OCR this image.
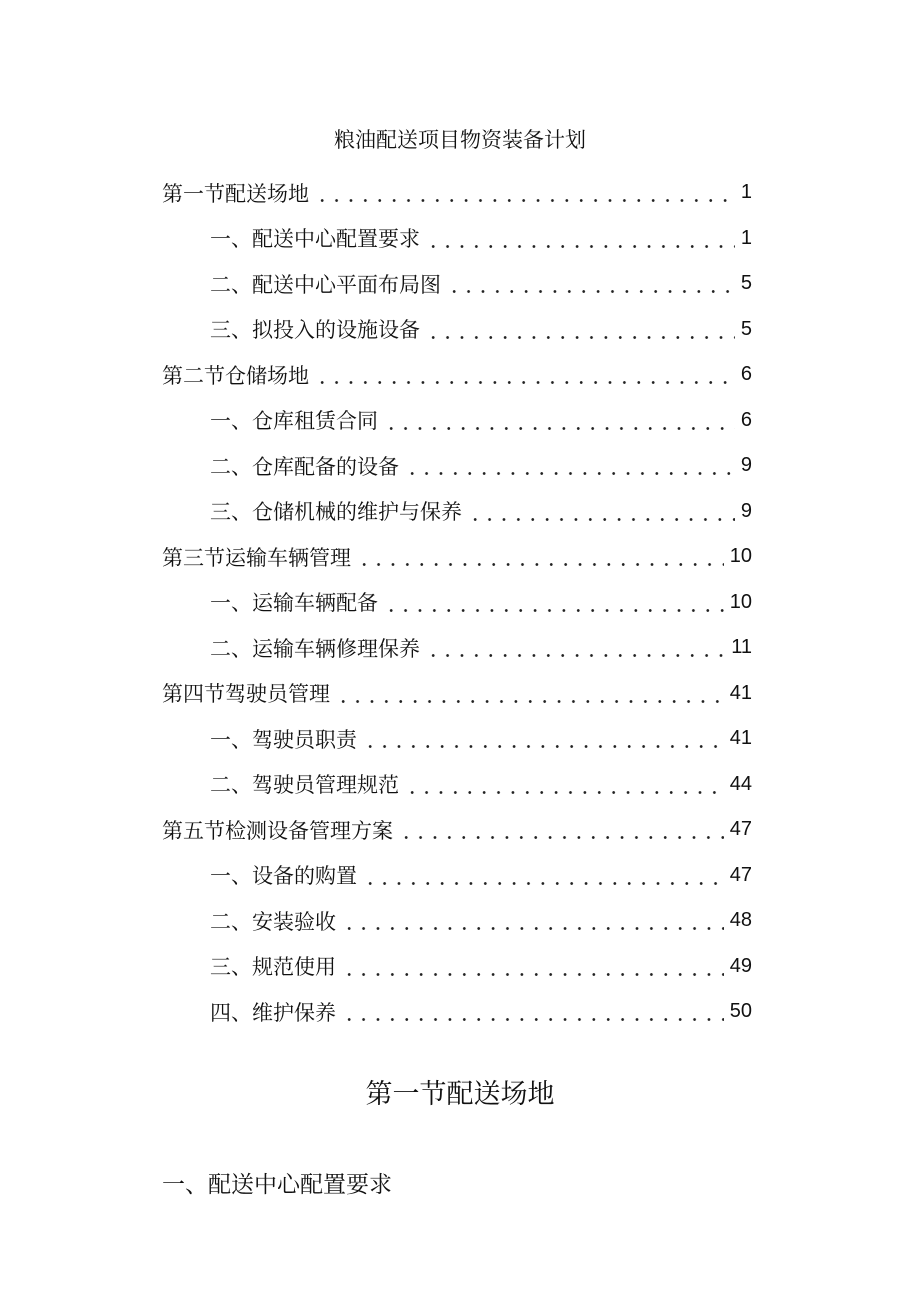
粮油配送项目物资装备计划
第一节配送场地	1
一、配送中心配置要求	1
二、配送中心平面布局图	5
三、拟投入的设施设备	5
第二节仓储场地	6
一、仓库租赁合同	6
二、仓库配备的设备	9
三、仓储机械的维护与保养	9
第三节运输车辆管理	10
一、运输车辆配备	10
二、运输车辆修理保养	11
第四节驾驶员管理	41
一、驾驶员职责	41
二、驾驶员管理规范	44
第五节检测设备管理方案	47
一、设备的购置	47
二、安装验收	48
三、规范使用	49
四、维护保养	50
第一节配送场地
一、配送中心配置要求
